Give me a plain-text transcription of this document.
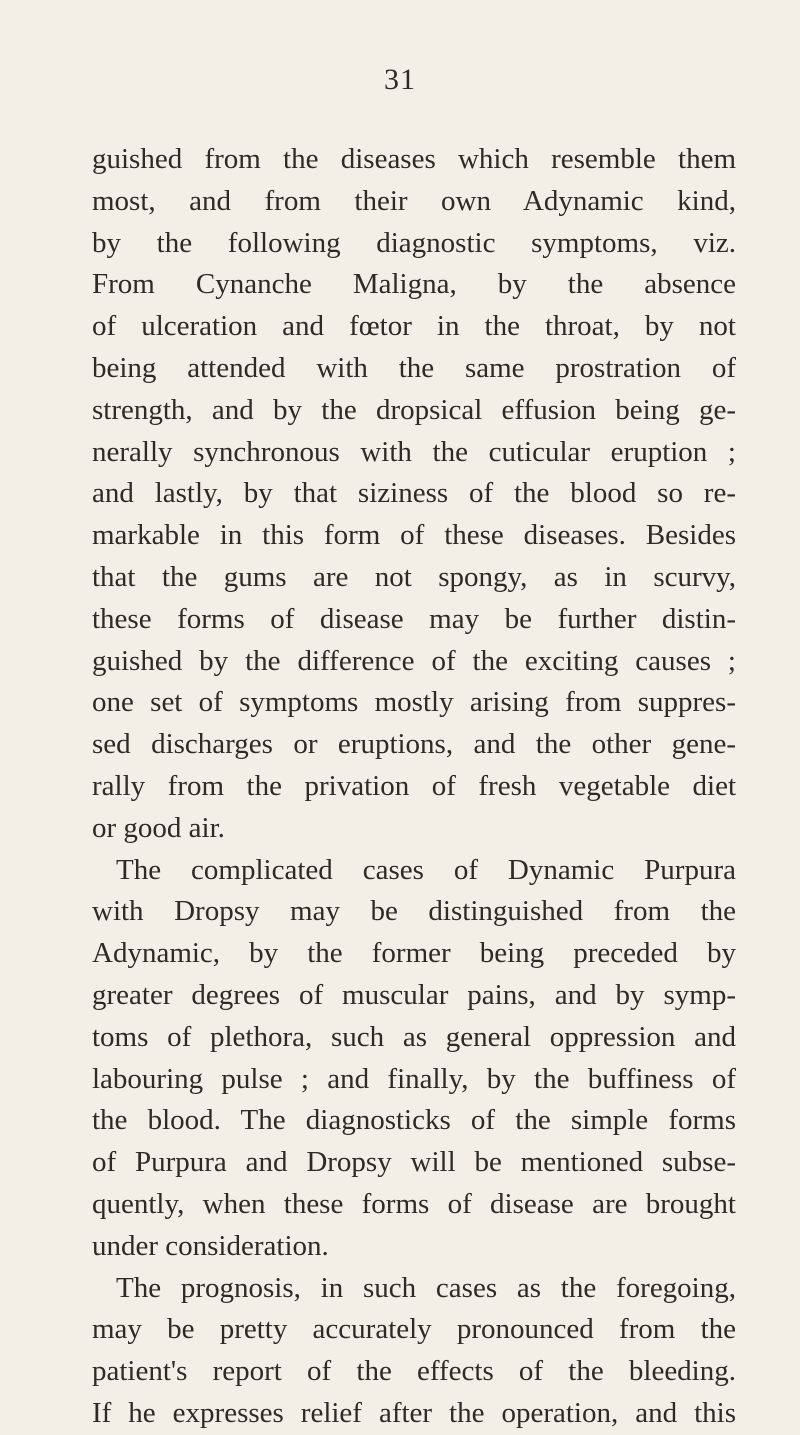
31
guished from the diseases which resemble them
most, and from their own Adynamic kind,
by the following diagnostic symptoms, viz.
From Cynanche Maligna, by the absence
of ulceration and fœtor in the throat, by not
being attended with the same prostration of
strength, and by the dropsical effusion being ge-
nerally synchronous with the cuticular eruption ;
and lastly, by that siziness of the blood so re-
markable in this form of these diseases. Besides
that the gums are not spongy, as in scurvy,
these forms of disease may be further distin-
guished by the difference of the exciting causes ;
one set of symptoms mostly arising from suppres-
sed discharges or eruptions, and the other gene-
rally from the privation of fresh vegetable diet
or good air.
The complicated cases of Dynamic Purpura
with Dropsy may be distinguished from the
Adynamic, by the former being preceded by
greater degrees of muscular pains, and by symp-
toms of plethora, such as general oppression and
labouring pulse ; and finally, by the buffiness of
the blood. The diagnosticks of the simple forms
of Purpura and Dropsy will be mentioned subse-
quently, when these forms of disease are brought
under consideration.
The prognosis, in such cases as the foregoing,
may be pretty accurately pronounced from the
patient's report of the effects of the bleeding.
If he expresses relief after the operation, and this
